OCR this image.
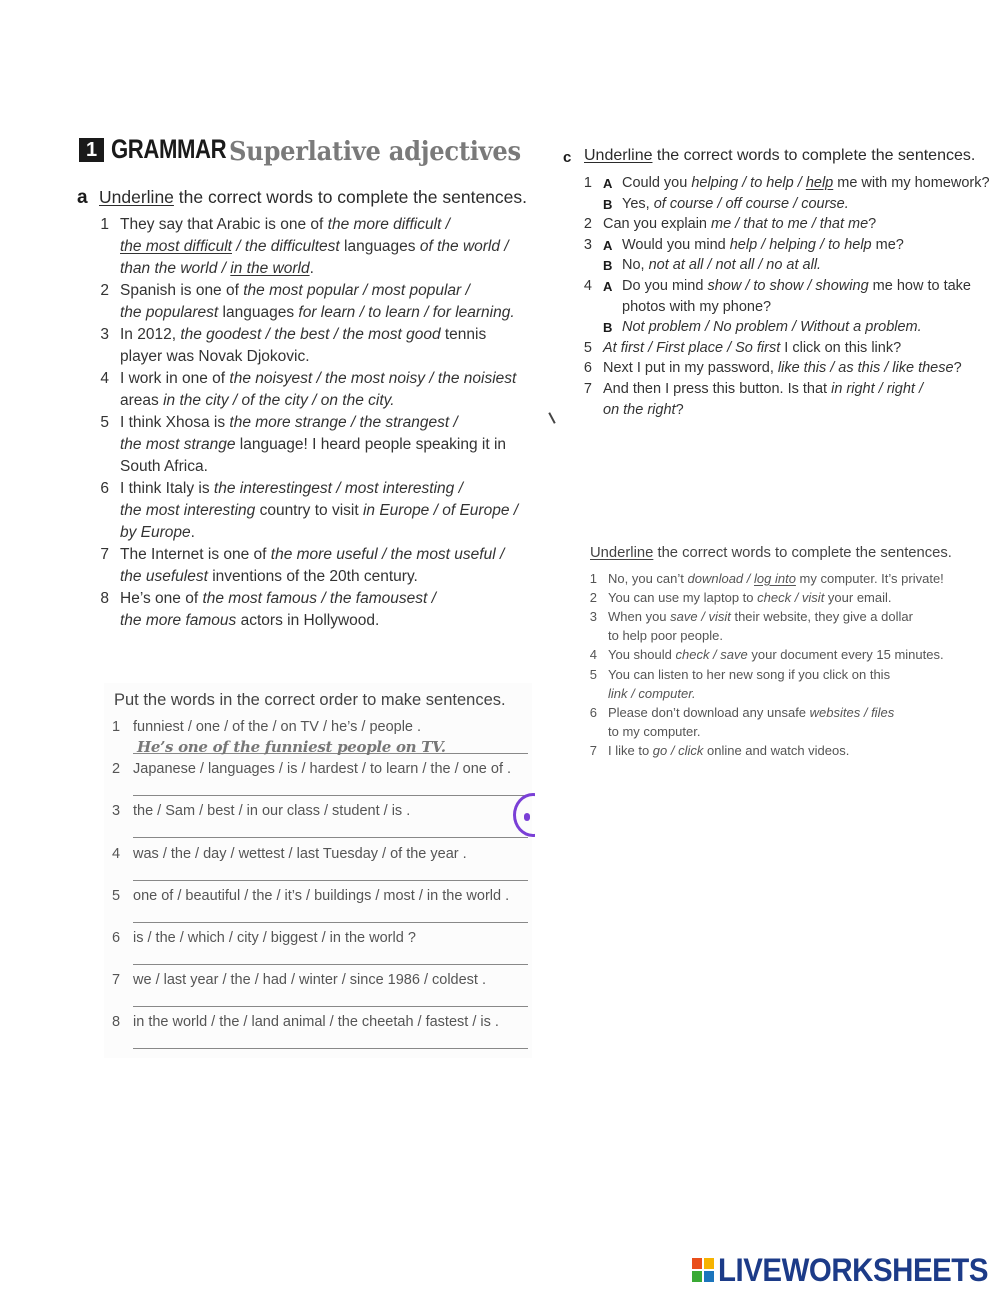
1 GRAMMAR Superlative adjectives
a Underline the correct words to complete the sentences.
1 They say that Arabic is one of the more difficult /
the most difficult / the difficultest languages of the world /
than the world / in the world.
2 Spanish is one of the most popular / most popular /
the popularest languages for learn / to learn / for learning.
3 In 2012, the goodest / the best / the most good tennis
player was Novak Djokovic.
4 I work in one of the noisyest / the most noisy / the noisiest
areas in the city / of the city / on the city.
5 I think Xhosa is the more strange / the strangest /
the most strange language! I heard people speaking it in
South Africa.
6 I think Italy is the interestingest / most interesting /
the most interesting country to visit in Europe / of Europe /
by Europe.
7 The Internet is one of the more useful / the most useful /
the usefulest inventions of the 20th century.
8 He’s one of the most famous / the famousest /
the more famous actors in Hollywood.
Put the words in the correct order to make sentences.
1 funniest / one / of the / on TV / he’s / people .
2 Japanese / languages / is / hardest / to learn / the / one of .
3 the / Sam / best / in our class / student / is .
4 was / the / day / wettest / last Tuesday / of the year .
5 one of / beautiful / the / it’s / buildings / most / in the world .
6 is / the / which / city / biggest / in the world ?
7 we / last year / the / had / winter / since 1986 / coldest .
8 in the world / the / land animal / the cheetah / fastest / is .
He’s one of the funniest people on TV.
c Underline the correct words to complete the sentences.
1 A Could you helping / to help / help me with my homework?
B Yes, of course / off course / course.
2 Can you explain me / that to me / that me?
3 A Would you mind help / helping / to help me?
B No, not at all / not all / no at all.
4 A Do you mind show / to show / showing me how to take
photos with my phone?
B Not problem / No problem / Without a problem.
5 At first / First place / So first I click on this link?
6 Next I put in my password, like this / as this / like these?
7 And then I press this button. Is that in right / right /
on the right?
Underline the correct words to complete the sentences.
1 No, you can’t download / log into my computer. It’s private!
2 You can use my laptop to check / visit your email.
3 When you save / visit their website, they give a dollar
to help poor people.
4 You should check / save your document every 15 minutes.
5 You can listen to her new song if you click on this
link / computer.
6 Please don’t download any unsafe websites / files
to my computer.
7 I like to go / click online and watch videos.
LIVEWORKSHEETS
